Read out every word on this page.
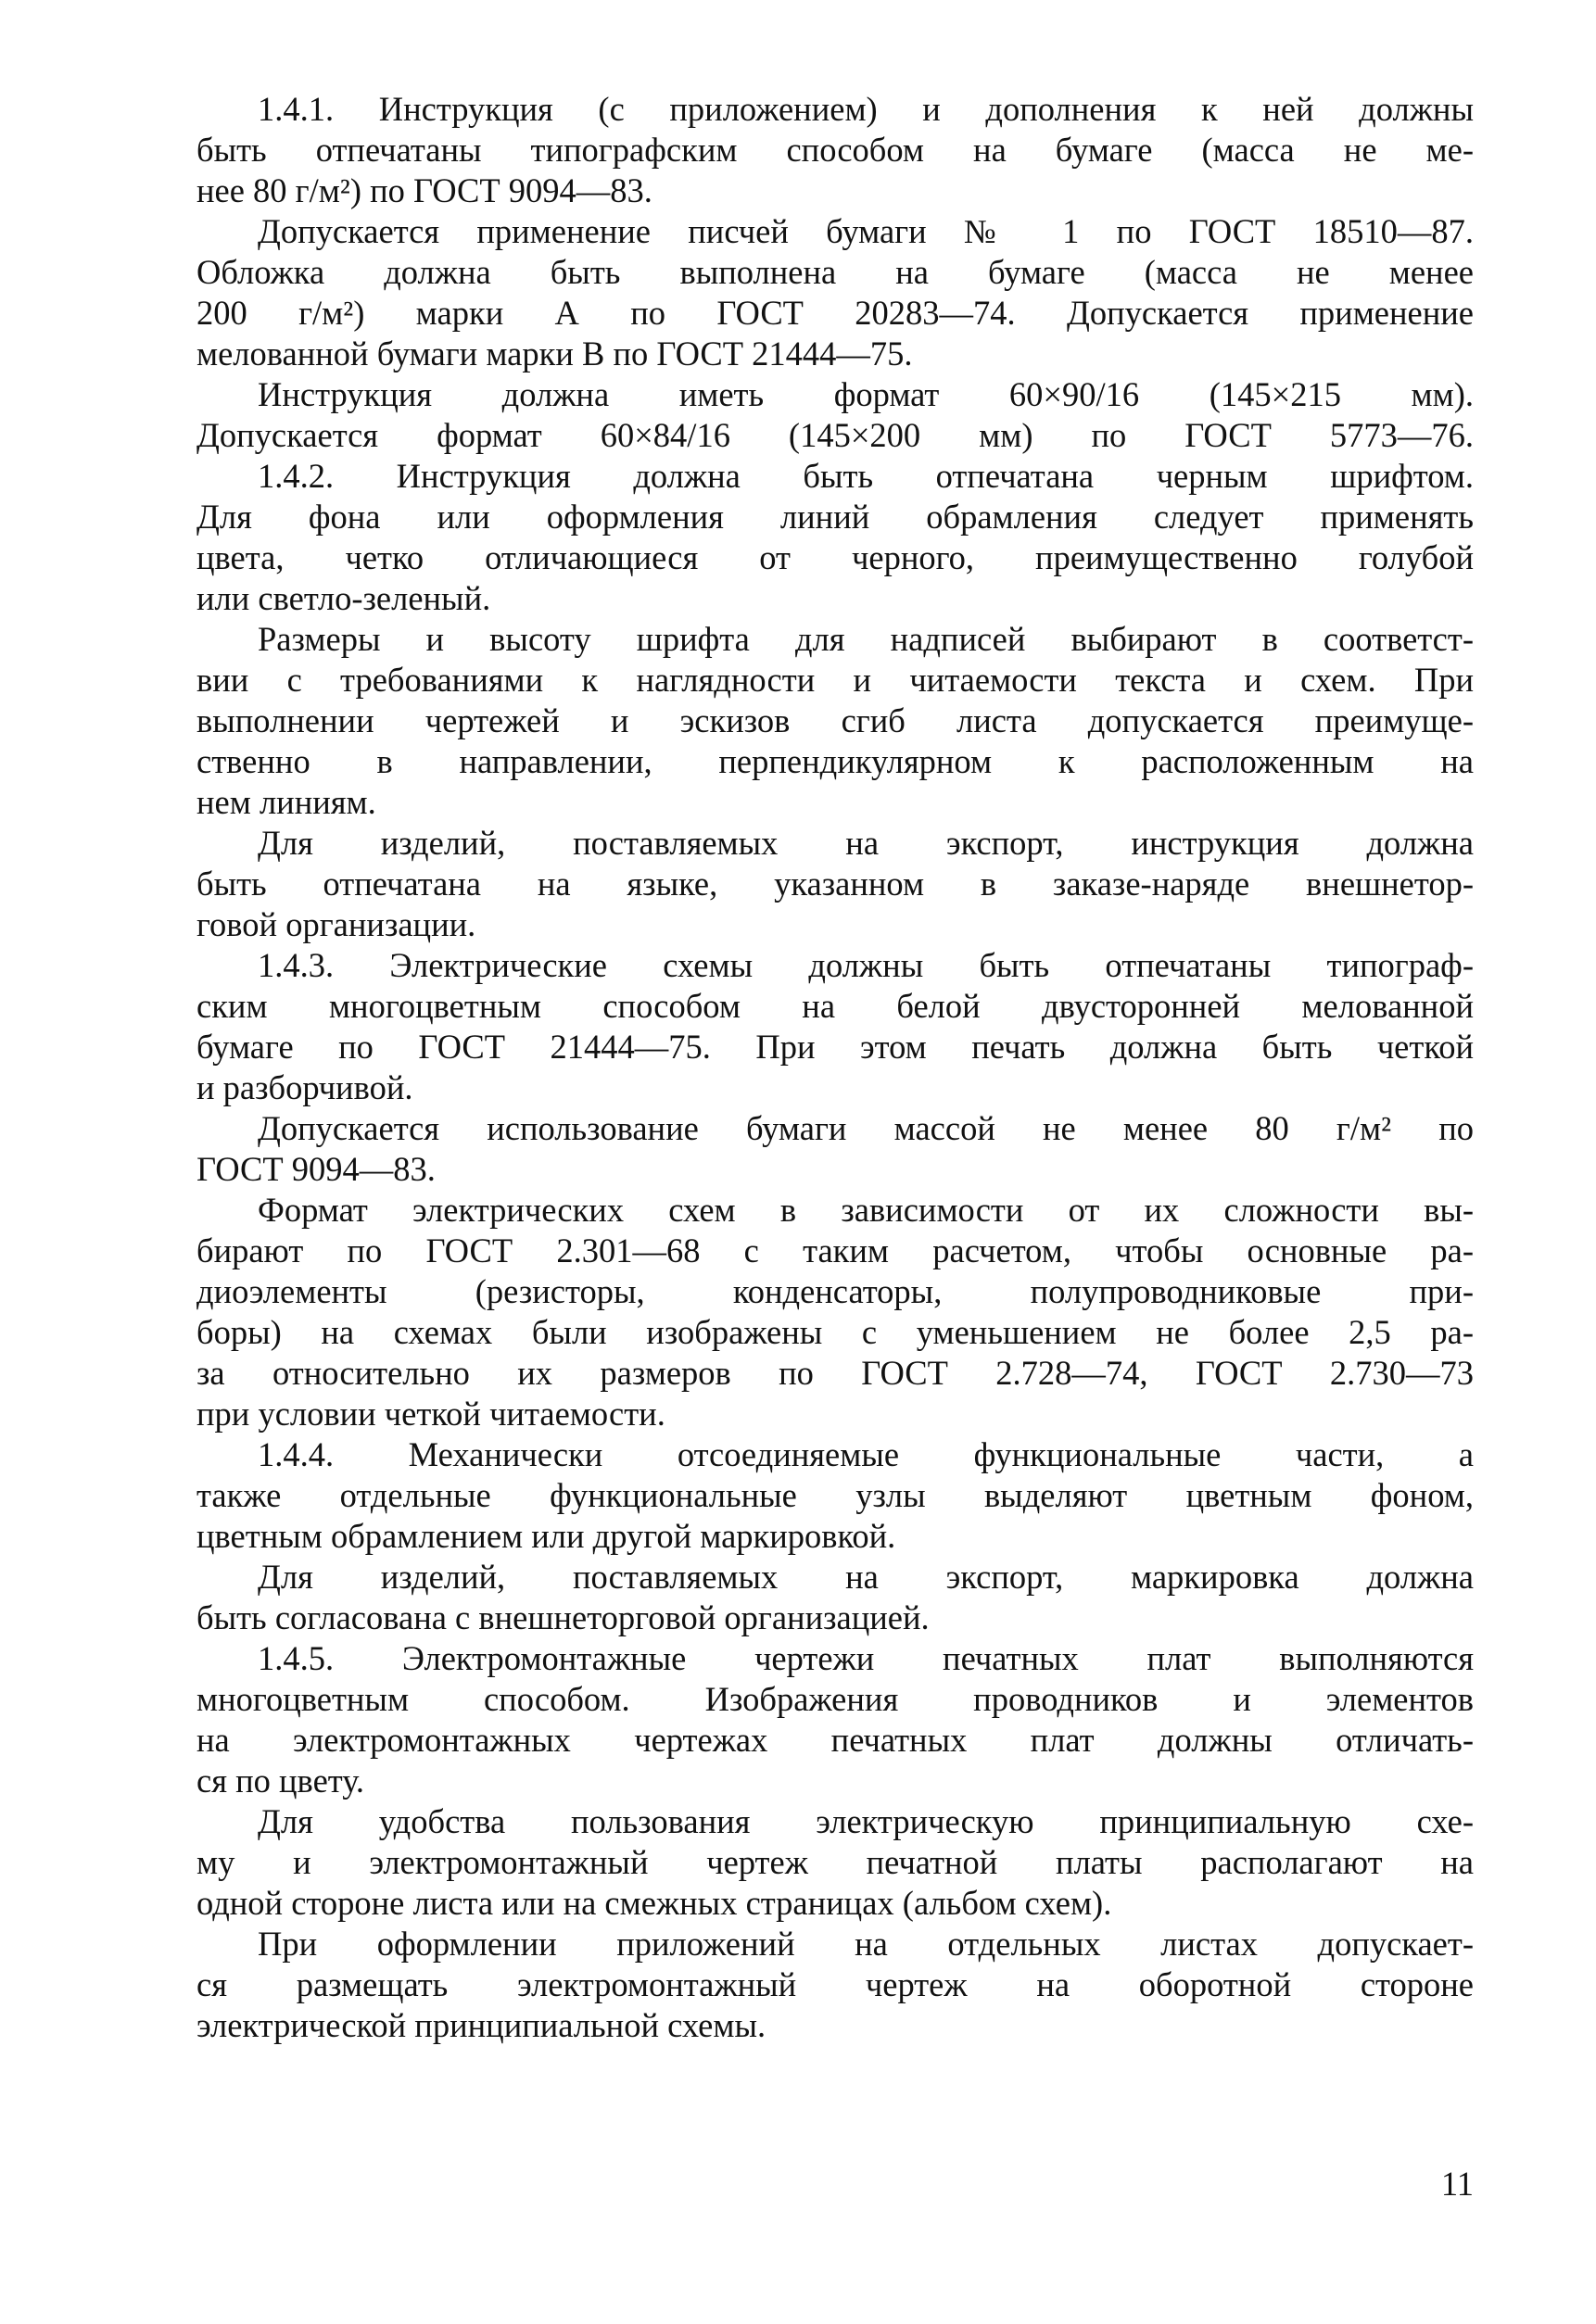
1.4.1. Инструкция (с приложением) и дополнения к ней должны
быть отпечатаны типографским способом на бумаге (масса не ме-
нее 80 г/м²) по ГОСТ 9094—83.

Допускается применение писчей бумаги № 1 по ГОСТ 18510—87.
Обложка должна быть выполнена на бумаге (масса не менее
200 г/м²) марки А по ГОСТ 20283—74. Допускается применение
мелованной бумаги марки В по ГОСТ 21444—75.

Инструкция должна иметь формат 60×90/16 (145×215 мм).
Допускается формат 60×84/16 (145×200 мм) по ГОСТ 5773—76.

1.4.2. Инструкция должна быть отпечатана черным шрифтом.
Для фона или оформления линий обрамления следует применять
цвета, четко отличающиеся от черного, преимущественно голубой
или светло-зеленый.

Размеры и высоту шрифта для надписей выбирают в соответст-
вии с требованиями к наглядности и читаемости текста и схем. При
выполнении чертежей и эскизов сгиб листа допускается преимуще-
ственно в направлении, перпендикулярном к расположенным на
нем линиям.

Для изделий, поставляемых на экспорт, инструкция должна
быть отпечатана на языке, указанном в заказе-наряде внешнетор-
говой организации.

1.4.3. Электрические схемы должны быть отпечатаны типограф-
ским многоцветным способом на белой двусторонней мелованной
бумаге по ГОСТ 21444—75. При этом печать должна быть четкой
и разборчивой.

Допускается использование бумаги массой не менее 80 г/м² по
ГОСТ 9094—83.

Формат электрических схем в зависимости от их сложности вы-
бирают по ГОСТ 2.301—68 с таким расчетом, чтобы основные ра-
диоэлементы (резисторы, конденсаторы, полупроводниковые при-
боры) на схемах были изображены с уменьшением не более 2,5 ра-
за относительно их размеров по ГОСТ 2.728—74, ГОСТ 2.730—73
при условии четкой читаемости.

1.4.4. Механически отсоединяемые функциональные части, а
также отдельные функциональные узлы выделяют цветным фоном,
цветным обрамлением или другой маркировкой.

Для изделий, поставляемых на экспорт, маркировка должна
быть согласована с внешнеторговой организацией.

1.4.5. Электромонтажные чертежи печатных плат выполняются
многоцветным способом. Изображения проводников и элементов
на электромонтажных чертежах печатных плат должны отличать-
ся по цвету.

Для удобства пользования электрическую принципиальную схе-
му и электромонтажный чертеж печатной платы располагают на
одной стороне листа или на смежных страницах (альбом схем).

При оформлении приложений на отдельных листах допускает-
ся размещать электромонтажный чертеж на оборотной стороне
электрической принципиальной схемы.

11
